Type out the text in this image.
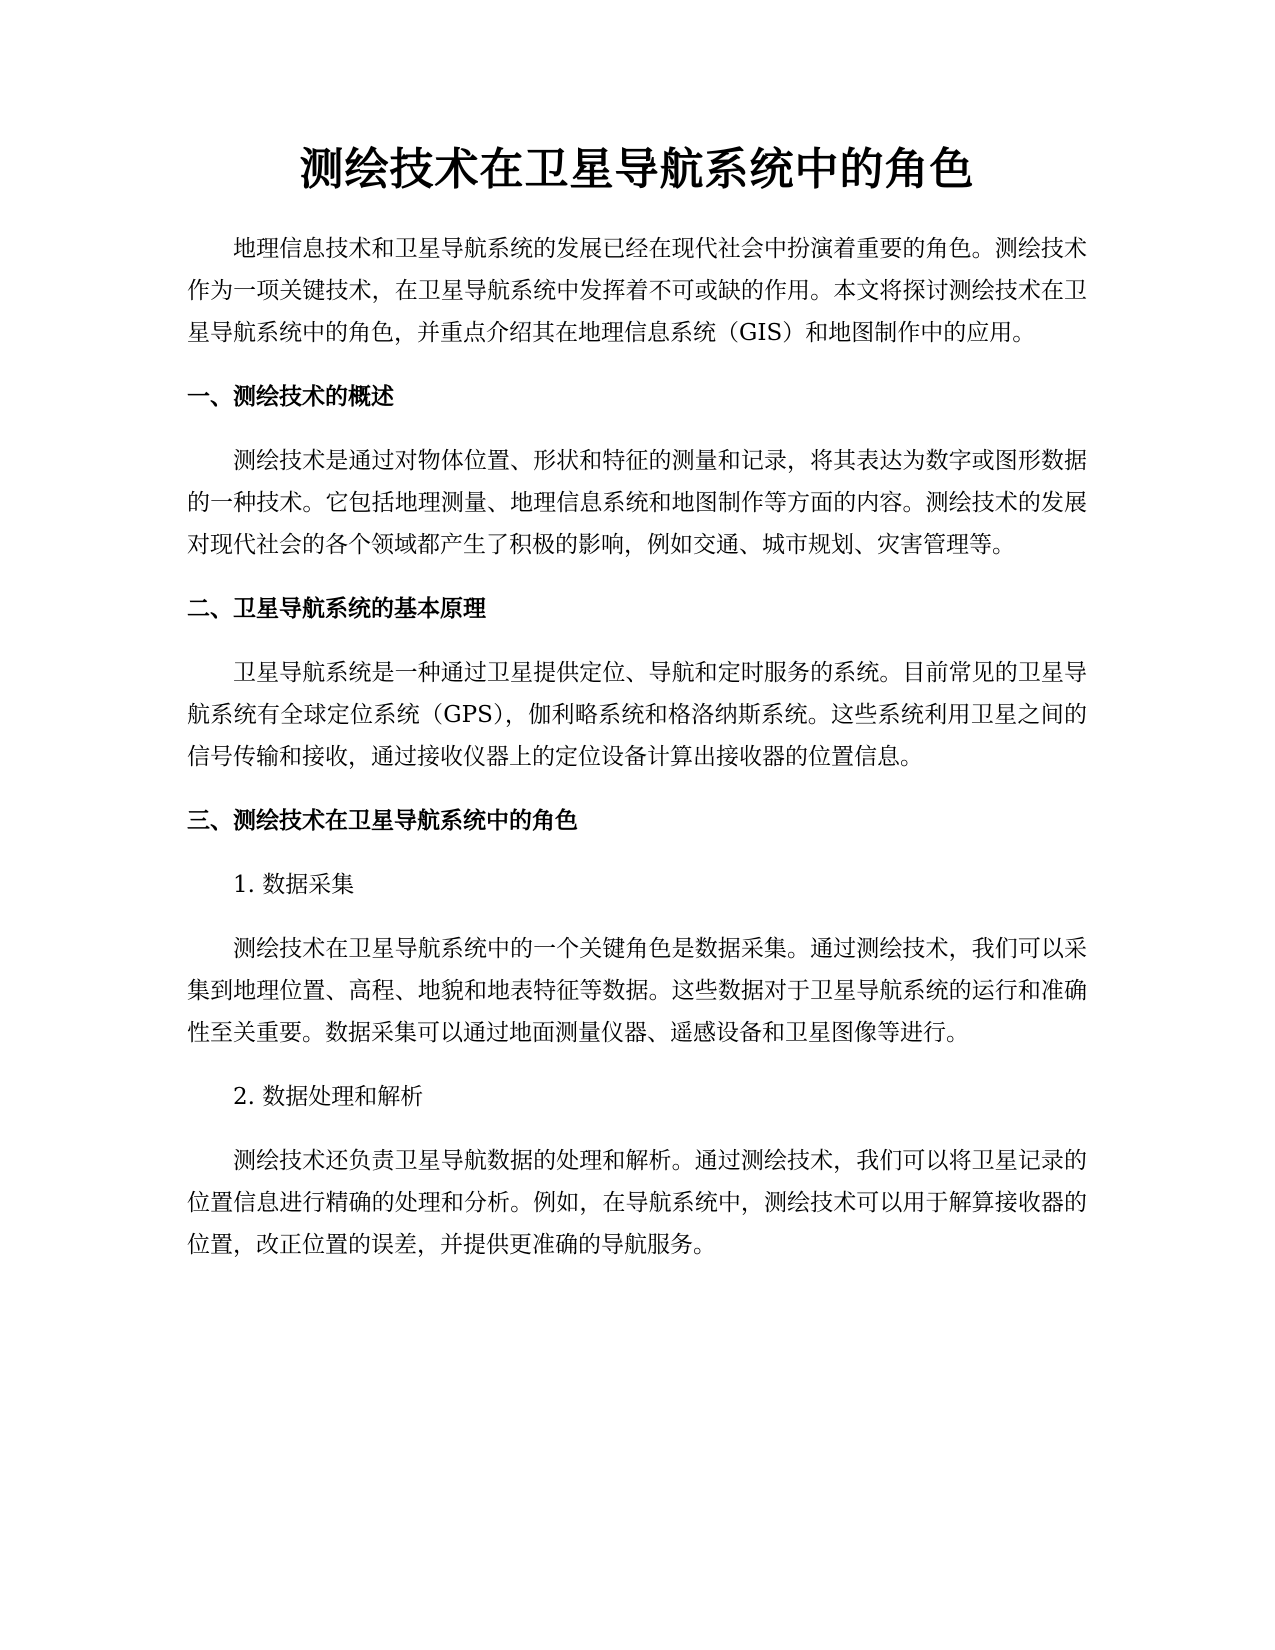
测绘技术在卫星导航系统中的角色

地理信息技术和卫星导航系统的发展已经在现代社会中扮演着重要的角色。测绘技术作为一项关键技术，在卫星导航系统中发挥着不可或缺的作用。本文将探讨测绘技术在卫星导航系统中的角色，并重点介绍其在地理信息系统（GIS）和地图制作中的应用。

一、测绘技术的概述

测绘技术是通过对物体位置、形状和特征的测量和记录，将其表达为数字或图形数据的一种技术。它包括地理测量、地理信息系统和地图制作等方面的内容。测绘技术的发展对现代社会的各个领域都产生了积极的影响，例如交通、城市规划、灾害管理等。

二、卫星导航系统的基本原理

卫星导航系统是一种通过卫星提供定位、导航和定时服务的系统。目前常见的卫星导航系统有全球定位系统（GPS），伽利略系统和格洛纳斯系统。这些系统利用卫星之间的信号传输和接收，通过接收仪器上的定位设备计算出接收器的位置信息。

三、测绘技术在卫星导航系统中的角色

1. 数据采集

测绘技术在卫星导航系统中的一个关键角色是数据采集。通过测绘技术，我们可以采集到地理位置、高程、地貌和地表特征等数据。这些数据对于卫星导航系统的运行和准确性至关重要。数据采集可以通过地面测量仪器、遥感设备和卫星图像等进行。

2. 数据处理和解析

测绘技术还负责卫星导航数据的处理和解析。通过测绘技术，我们可以将卫星记录的位置信息进行精确的处理和分析。例如，在导航系统中，测绘技术可以用于解算接收器的位置，改正位置的误差，并提供更准确的导航服务。
